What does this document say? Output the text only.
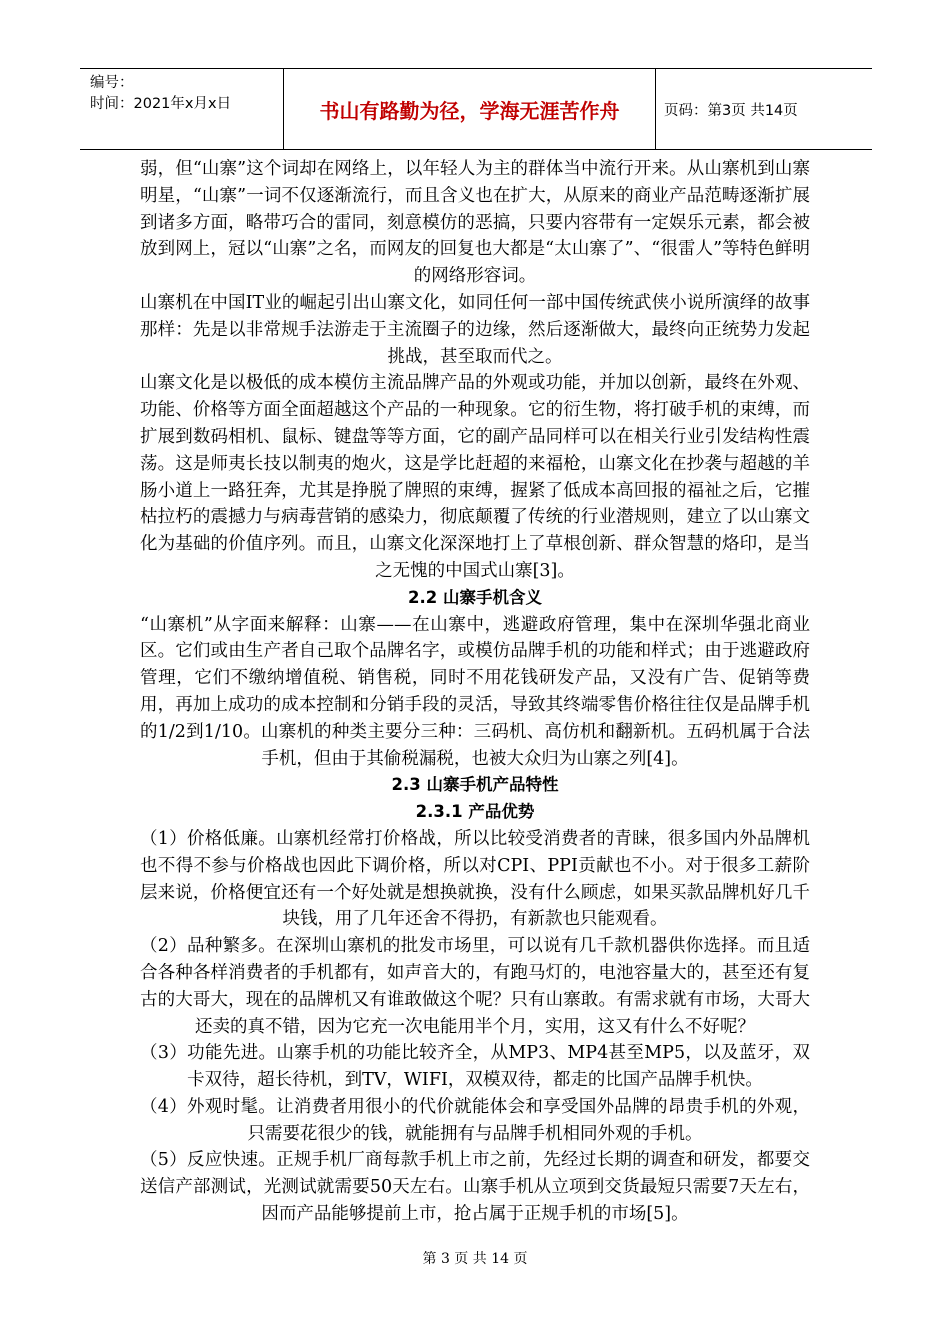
编号：
时间：2021年x月x日	书山有路勤为径，学海无涯苦作舟	页码：第3页 共14页

弱，但“山寨”这个词却在网络上，以年轻人为主的群体当中流行开来。从山寨机到山寨明星，“山寨”一词不仅逐渐流行，而且含义也在扩大，从原来的商业产品范畴逐渐扩展到诸多方面，略带巧合的雷同，刻意模仿的恶搞，只要内容带有一定娱乐元素，都会被放到网上，冠以“山寨”之名，而网友的回复也大都是“太山寨了”、“很雷人”等特色鲜明的网络形容词。

山寨机在中国IT业的崛起引出山寨文化，如同任何一部中国传统武侠小说所演绎的故事那样：先是以非常规手法游走于主流圈子的边缘，然后逐渐做大，最终向正统势力发起挑战，甚至取而代之。

山寨文化是以极低的成本模仿主流品牌产品的外观或功能，并加以创新，最终在外观、功能、价格等方面全面超越这个产品的一种现象。它的衍生物，将打破手机的束缚，而扩展到数码相机、鼠标、键盘等等方面，它的副产品同样可以在相关行业引发结构性震荡。这是师夷长技以制夷的炮火，这是学比赶超的来福枪，山寨文化在抄袭与超越的羊肠小道上一路狂奔，尤其是挣脱了牌照的束缚，握紧了低成本高回报的福祉之后，它摧枯拉朽的震撼力与病毒营销的感染力，彻底颠覆了传统的行业潜规则，建立了以山寨文化为基础的价值序列。而且，山寨文化深深地打上了草根创新、群众智慧的烙印，是当之无愧的中国式山寨[3]。

2.2 山寨手机含义

“山寨机”从字面来解释：山寨——在山寨中，逃避政府管理，集中在深圳华强北商业区。它们或由生产者自己取个品牌名字，或模仿品牌手机的功能和样式；由于逃避政府管理，它们不缴纳增值税、销售税，同时不用花钱研发产品，又没有广告、促销等费用，再加上成功的成本控制和分销手段的灵活，导致其终端零售价格往往仅是品牌手机的1/2到1/10。山寨机的种类主要分三种：三码机、高仿机和翻新机。五码机属于合法手机，但由于其偷税漏税，也被大众归为山寨之列[4]。

2.3 山寨手机产品特性
2.3.1 产品优势

（1）价格低廉。山寨机经常打价格战，所以比较受消费者的青睐，很多国内外品牌机也不得不参与价格战也因此下调价格，所以对CPI、PPI贡献也不小。对于很多工薪阶层来说，价格便宜还有一个好处就是想换就换，没有什么顾虑，如果买款品牌机好几千块钱，用了几年还舍不得扔，有新款也只能观看。

（2）品种繁多。在深圳山寨机的批发市场里，可以说有几千款机器供你选择。而且适合各种各样消费者的手机都有，如声音大的，有跑马灯的，电池容量大的，甚至还有复古的大哥大，现在的品牌机又有谁敢做这个呢？只有山寨敢。有需求就有市场，大哥大还卖的真不错，因为它充一次电能用半个月，实用，这又有什么不好呢？

（3）功能先进。山寨手机的功能比较齐全，从MP3、MP4甚至MP5，以及蓝牙，双卡双待，超长待机，到TV，WIFI，双模双待，都走的比国产品牌手机快。

（4）外观时髦。让消费者用很小的代价就能体会和享受国外品牌的昂贵手机的外观，只需要花很少的钱，就能拥有与品牌手机相同外观的手机。

（5）反应快速。正规手机厂商每款手机上市之前，先经过长期的调查和研发，都要交送信产部测试，光测试就需要50天左右。山寨手机从立项到交货最短只需要7天左右，因而产品能够提前上市，抢占属于正规手机的市场[5]。

第 3 页 共 14 页
